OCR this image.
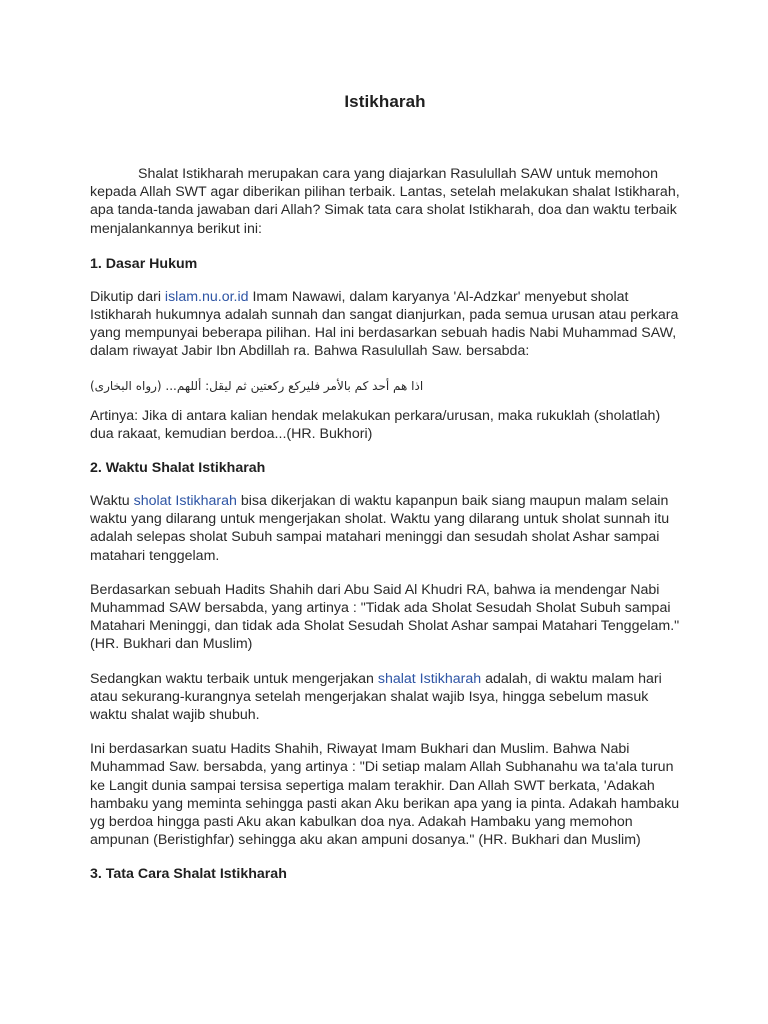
Istikharah

Shalat Istikharah merupakan cara yang diajarkan Rasulullah SAW untuk memohon kepada Allah SWT agar diberikan pilihan terbaik. Lantas, setelah melakukan shalat Istikharah, apa tanda-tanda jawaban dari Allah? Simak tata cara sholat Istikharah, doa dan waktu terbaik menjalankannya berikut ini:

1. Dasar Hukum

Dikutip dari islam.nu.or.id Imam Nawawi, dalam karyanya 'Al-Adzkar' menyebut sholat Istikharah hukumnya adalah sunnah dan sangat dianjurkan, pada semua urusan atau perkara yang mempunyai beberapa pilihan. Hal ini berdasarkan sebuah hadis Nabi Muhammad SAW, dalam riwayat Jabir Ibn Abdillah ra. Bahwa Rasulullah Saw. bersabda:

اذا هم أحد كم بالأمر فليركع ركعتين ثم ليقل: أللهم... (رواه البخارى)

Artinya: Jika di antara kalian hendak melakukan perkara/urusan, maka rukuklah (sholatlah) dua rakaat, kemudian berdoa...(HR. Bukhori)

2. Waktu Shalat Istikharah

Waktu sholat Istikharah bisa dikerjakan di waktu kapanpun baik siang maupun malam selain waktu yang dilarang untuk mengerjakan sholat. Waktu yang dilarang untuk sholat sunnah itu adalah selepas sholat Subuh sampai matahari meninggi dan sesudah sholat Ashar sampai matahari tenggelam.

Berdasarkan sebuah Hadits Shahih dari Abu Said Al Khudri RA, bahwa ia mendengar Nabi Muhammad SAW bersabda, yang artinya : "Tidak ada Sholat Sesudah Sholat Subuh sampai Matahari Meninggi, dan tidak ada Sholat Sesudah Sholat Ashar sampai Matahari Tenggelam." (HR. Bukhari dan Muslim)

Sedangkan waktu terbaik untuk mengerjakan shalat Istikharah adalah, di waktu malam hari atau sekurang-kurangnya setelah mengerjakan shalat wajib Isya, hingga sebelum masuk waktu shalat wajib shubuh.

Ini berdasarkan suatu Hadits Shahih, Riwayat Imam Bukhari dan Muslim. Bahwa Nabi Muhammad Saw. bersabda, yang artinya : "Di setiap malam Allah Subhanahu wa ta'ala turun ke Langit dunia sampai tersisa sepertiga malam terakhir. Dan Allah SWT berkata, 'Adakah hambaku yang meminta sehingga pasti akan Aku berikan apa yang ia pinta. Adakah hambaku yg berdoa hingga pasti Aku akan kabulkan doa nya. Adakah Hambaku yang memohon ampunan (Beristighfar) sehingga aku akan ampuni dosanya." (HR. Bukhari dan Muslim)

3. Tata Cara Shalat Istikharah
